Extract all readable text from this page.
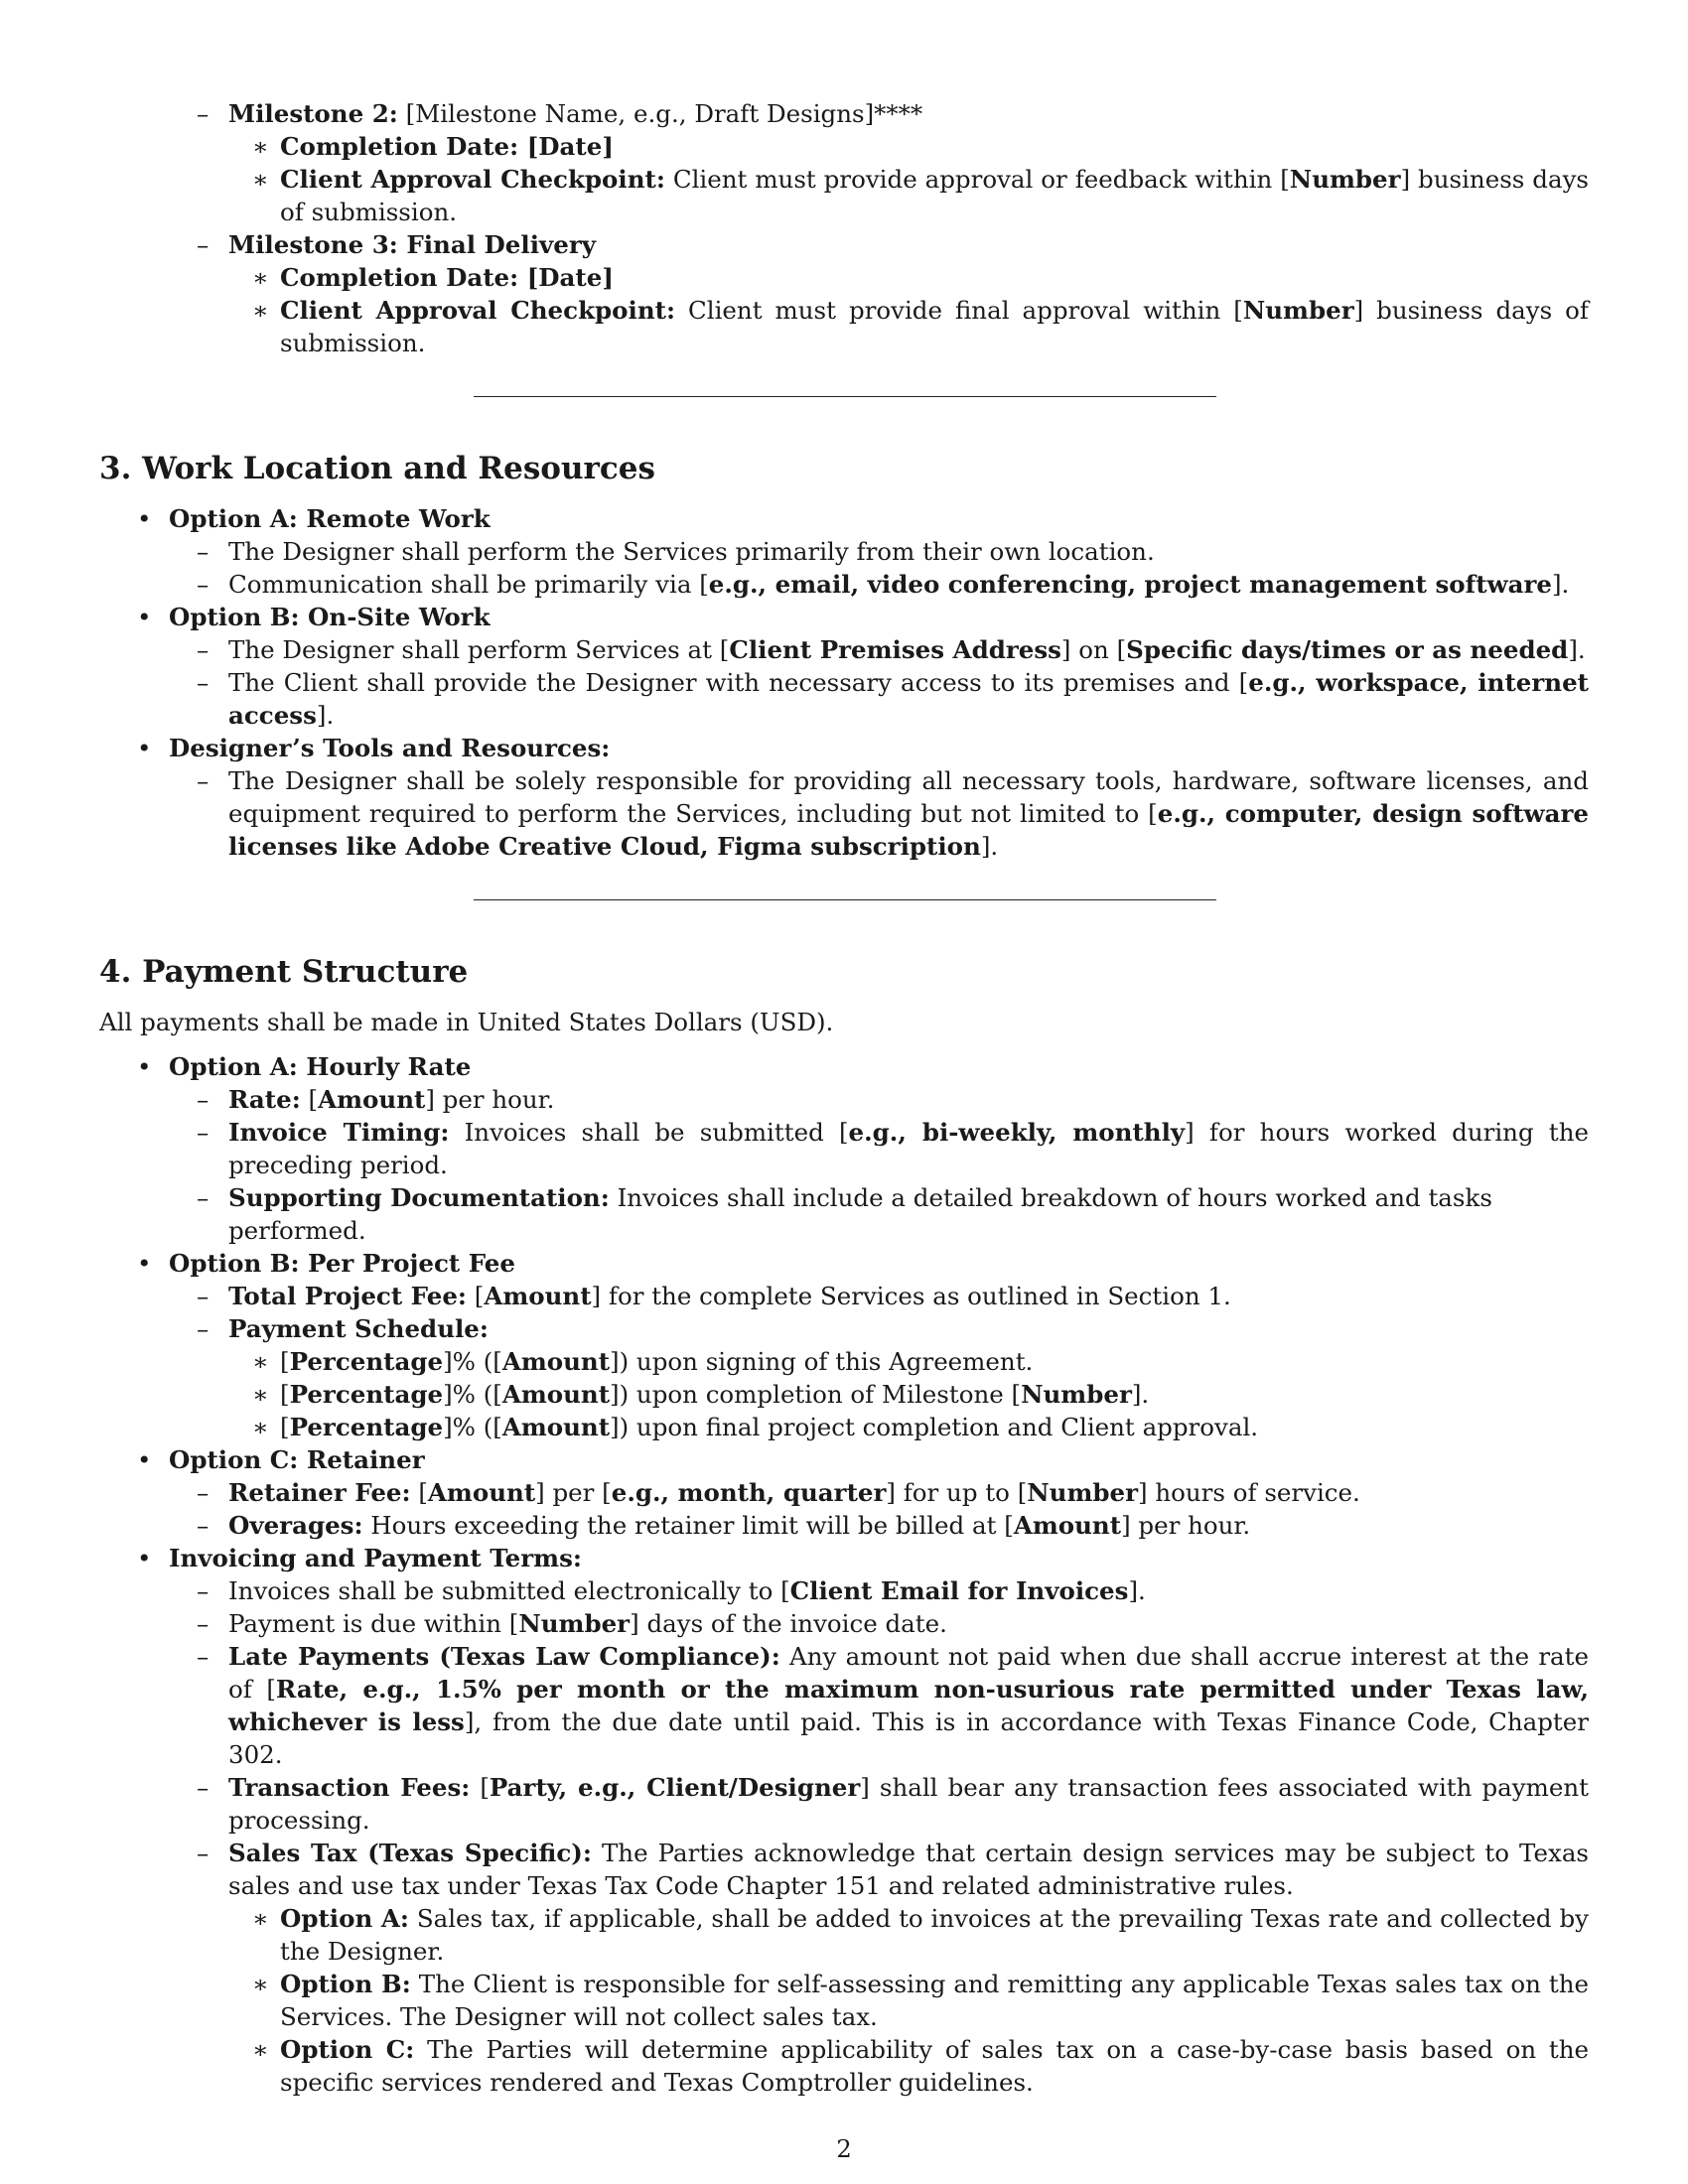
– Milestone 2: [Milestone Name, e.g., Draft Designs]****
∗ Completion Date: [Date]
∗ Client Approval Checkpoint: Client must provide approval or feedback within [Number] business days of submission.
– Milestone 3: Final Delivery
∗ Completion Date: [Date]
∗ Client Approval Checkpoint: Client must provide final approval within [Number] business days of submission.
3. Work Location and Resources
• Option A: Remote Work
– The Designer shall perform the Services primarily from their own location.
– Communication shall be primarily via [e.g., email, video conferencing, project management software].
• Option B: On-Site Work
– The Designer shall perform Services at [Client Premises Address] on [Specific days/times or as needed].
– The Client shall provide the Designer with necessary access to its premises and [e.g., workspace, internet access].
• Designer’s Tools and Resources:
– The Designer shall be solely responsible for providing all necessary tools, hardware, software licenses, and equipment required to perform the Services, including but not limited to [e.g., computer, design software licenses like Adobe Creative Cloud, Figma subscription].
4. Payment Structure
All payments shall be made in United States Dollars (USD).
• Option A: Hourly Rate
– Rate: [Amount] per hour.
– Invoice Timing: Invoices shall be submitted [e.g., bi-weekly, monthly] for hours worked during the preceding period.
– Supporting Documentation: Invoices shall include a detailed breakdown of hours worked and tasks performed.
• Option B: Per Project Fee
– Total Project Fee: [Amount] for the complete Services as outlined in Section 1.
– Payment Schedule:
∗ [Percentage]% ([Amount]) upon signing of this Agreement.
∗ [Percentage]% ([Amount]) upon completion of Milestone [Number].
∗ [Percentage]% ([Amount]) upon final project completion and Client approval.
• Option C: Retainer
– Retainer Fee: [Amount] per [e.g., month, quarter] for up to [Number] hours of service.
– Overages: Hours exceeding the retainer limit will be billed at [Amount] per hour.
• Invoicing and Payment Terms:
– Invoices shall be submitted electronically to [Client Email for Invoices].
– Payment is due within [Number] days of the invoice date.
– Late Payments (Texas Law Compliance): Any amount not paid when due shall accrue interest at the rate of [Rate, e.g., 1.5% per month or the maximum non-usurious rate permitted under Texas law, whichever is less], from the due date until paid. This is in accordance with Texas Finance Code, Chapter 302.
– Transaction Fees: [Party, e.g., Client/Designer] shall bear any transaction fees associated with payment processing.
– Sales Tax (Texas Specific): The Parties acknowledge that certain design services may be subject to Texas sales and use tax under Texas Tax Code Chapter 151 and related administrative rules.
∗ Option A: Sales tax, if applicable, shall be added to invoices at the prevailing Texas rate and collected by the Designer.
∗ Option B: The Client is responsible for self-assessing and remitting any applicable Texas sales tax on the Services. The Designer will not collect sales tax.
∗ Option C: The Parties will determine applicability of sales tax on a case-by-case basis based on the specific services rendered and Texas Comptroller guidelines.
2
